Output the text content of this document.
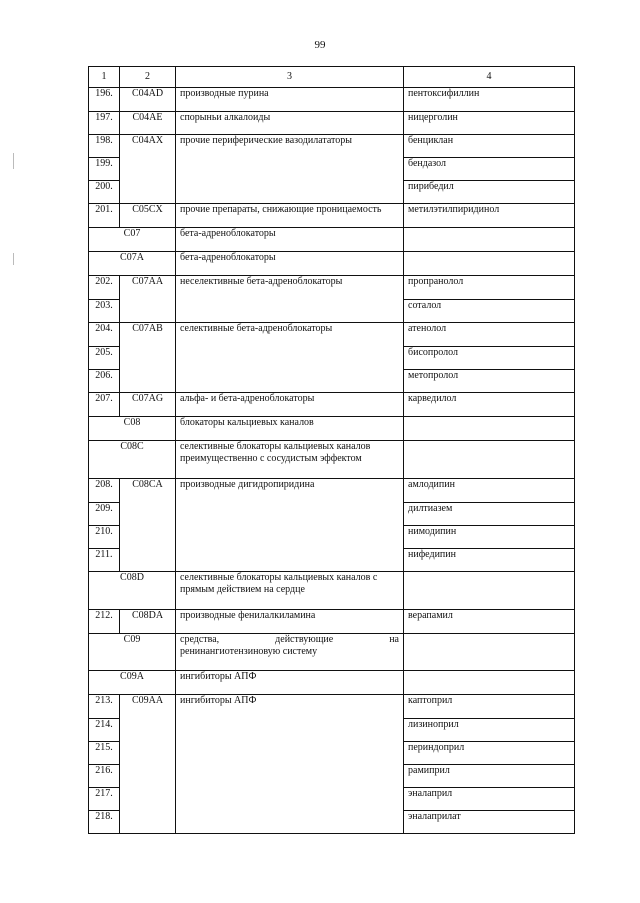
99
1	2	3	4
196.	C04AD	производные пурина	пентоксифиллин
197.	C04AE	спорыньи алкалоиды	ницерголин
198.	C04AX	прочие периферические вазодилататоры	бенциклан
199.			бендазол
200.			пирибедил
201.	C05CX	прочие препараты, снижающие проницаемость	метилэтилпиридинол
C07		бета-адреноблокаторы	
C07A		бета-адреноблокаторы	
202.	C07AA	неселективные бета-адреноблокаторы	пропранолол
203.			соталол
204.	C07AB	селективные бета-адреноблокаторы	атенолол
205.			бисопролол
206.			метопролол
207.	C07AG	альфа- и бета-адреноблокаторы	карведилол
C08		блокаторы кальциевых каналов	
C08C		селективные блокаторы кальциевых каналов
преимущественно с сосудистым эффектом	

208.	C08CA	производные дигидропиридина	амлодипин
209.			дилтиазем
210.			нимодипин
211.			нифедипин
C08D		селективные блокаторы кальциевых каналов с
прямым действием на сердце	

212.	C08DA	производные фенилалкиламина	верапамил
C09		средства, действующие на
ренинангиотензиновую систему	

C09A		ингибиторы АПФ	
213.	C09AA	ингибиторы АПФ	каптоприл
214.			лизиноприл
215.			периндоприл
216.			рамиприл
217.			эналаприл
218.			эналаприлат
